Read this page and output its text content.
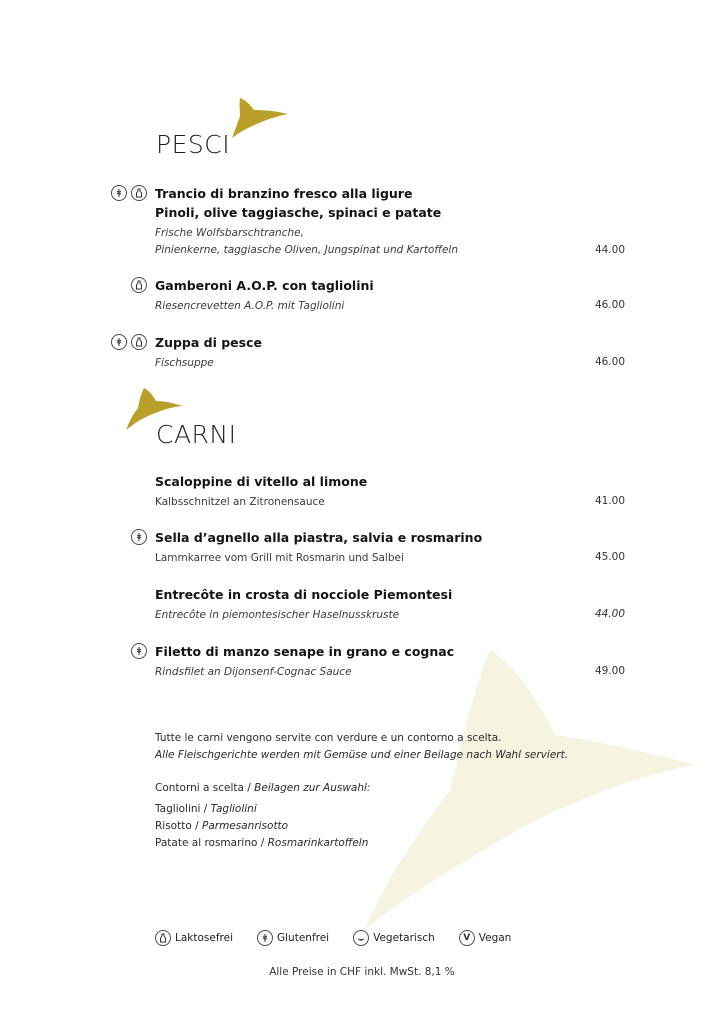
PESCI
Trancio di branzino fresco alla ligure
Pinoli, olive taggiasche, spinaci e patate
Frische Wolfsbarschtranche,
Pinienkerne, taggiasche Oliven, Jungspinat und Kartoffeln	44.00
Gamberoni A.O.P. con tagliolini
Riesencrevetten A.O.P. mit Tagliolini	46.00
Zuppa di pesce
Fischsuppe	46.00
CARNI
Scaloppine di vitello al limone
Kalbsschnitzel an Zitronensauce	41.00
Sella d’agnello alla piastra, salvia e rosmarino
Lammkarree vom Grill mit Rosmarin und Salbei	45.00
Entrecôte in crosta di nocciole Piemontesi
Entrecôte in piemontesischer Haselnusskruste	44.00
Filetto di manzo senape in grano e cognac
Rindsfilet an Dijonsenf-Cognac Sauce	49.00
Tutte le carni vengono servite con verdure e un contorno a scelta.
Alle Fleischgerichte werden mit Gemüse und einer Beilage nach Wahl serviert.
Contorni a scelta / Beilagen zur Auswahl:
Tagliolini / Tagliolini
Risotto / Parmesanrisotto
Patate al rosmarino / Rosmarinkartoffeln
Laktosefrei	Glutenfrei	Vegetarisch	V Vegan
Alle Preise in CHF inkl. MwSt. 8,1 %
